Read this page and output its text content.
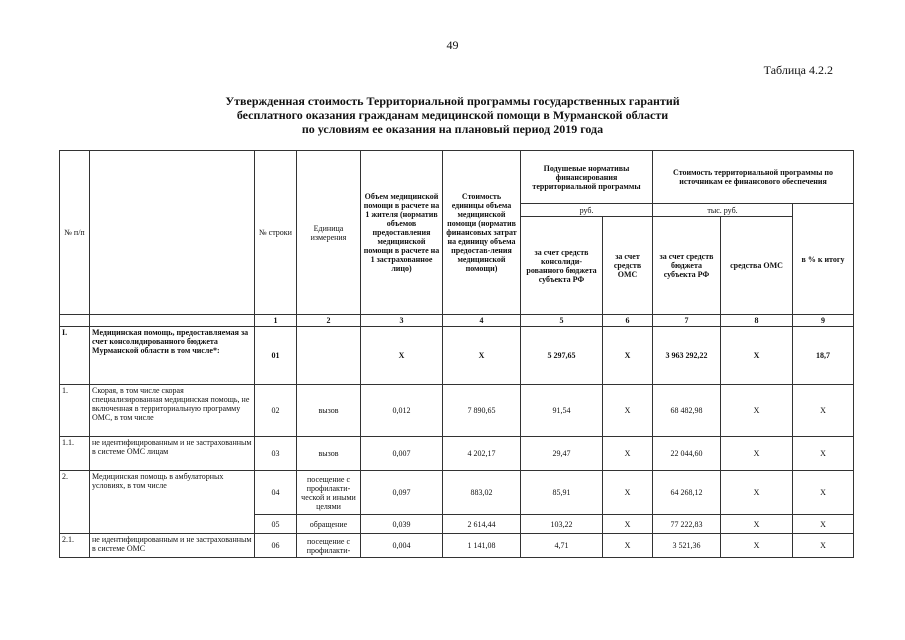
49
Таблица 4.2.2
Утвержденная стоимость Территориальной программы государственных гарантий
бесплатного оказания гражданам медицинской помощи в Мурманской области
по условиям ее оказания на плановый период 2019 года
№ п/п		№ строки	Единица измерения	Объем медицинской помощи в расчете на 1 жителя (норматив объемов предоставления медицинской помощи в расчете на 1 застрахованное лицо)	Стоимость единицы объема медицинской помощи (норматив финансовых затрат на единицу объема предостав-ления медицинской помощи)	Подушевые нормативы финансирования территориальной программы		Стоимость территориальной программы по источникам ее финансового обеспечения		
						руб.		тыс. руб.		в % к итогу
						за счет средств консолиди-рованного бюджета субъекта РФ	за счет средств ОМС	за счет средств бюджета субъекта РФ	средства ОМС	
		1	2	3	4	5	6	7	8	9
I.	Медицинская помощь, предоставляемая за счет консолидированного бюджета Мурманской области в том числе*:	01		X	X	5 297,65	X	3 963 292,22	X	18,7
1.	Скорая, в том числе скорая специализированная медицинская помощь, не включенная в территориальную программу ОМС, в том числе	02	вызов	0,012	7 890,65	91,54	X	68 482,98	X	X
1.1.	не идентифицированным и не застрахованным в системе ОМС лицам	03	вызов	0,007	4 202,17	29,47	X	22 044,60	X	X
2.	Медицинская помощь в амбулаторных условиях, в том числе	04	посещение с профилакти-ческой и иными целями	0,097	883,02	85,91	X	64 268,12	X	X
		05	обращение	0,039	2 614,44	103,22	X	77 222,83	X	X
2.1.	не идентифицированным и не застрахованным в системе ОМС	06	посещение с профилакти-	0,004	1 141,08	4,71	X	3 521,36	X	X
